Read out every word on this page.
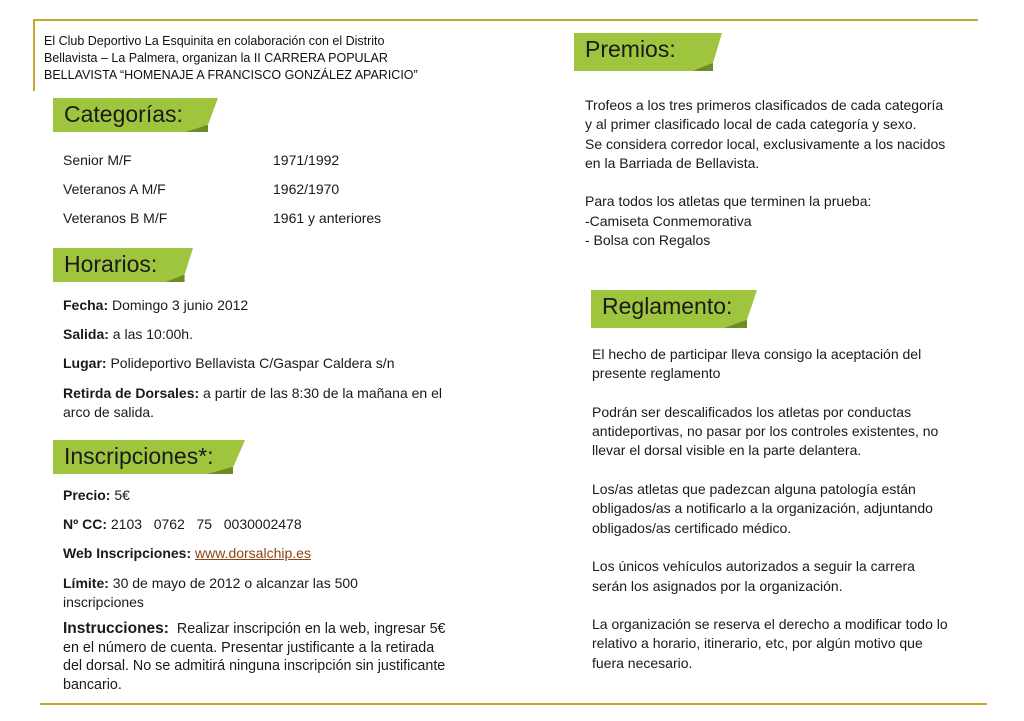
El Club Deportivo La Esquinita en colaboración con el Distrito
Bellavista – La Palmera, organizan la II CARRERA POPULAR
BELLAVISTA “HOMENAJE A FRANCISCO GONZÁLEZ APARICIO”
Categorías:
Senior M/F	1971/1992
Veteranos A M/F	1962/1970
Veteranos B M/F	1961 y anteriores
Horarios:
Fecha: Domingo 3 junio 2012
Salida: a las 10:00h.
Lugar: Polideportivo Bellavista C/Gaspar Caldera s/n
Retirda de Dorsales: a partir de las 8:30 de la mañana en el
arco de salida.
Inscripciones*:
Precio: 5€
Nº CC: 2103   0762   75   0030002478
Web Inscripciones: www.dorsalchip.es
Límite: 30 de mayo de 2012 o alcanzar las 500
inscripciones
Instrucciones:  Realizar inscripción en la web, ingresar 5€
en el número de cuenta. Presentar justificante a la retirada
del dorsal. No se admitirá ninguna inscripción sin justificante
bancario.
Premios:
Trofeos a los tres primeros clasificados de cada categoría
y al primer clasificado local de cada categoría y sexo.
Se considera corredor local, exclusivamente a los nacidos
en la Barriada de Bellavista.
Para todos los atletas que terminen la prueba:
-Camiseta Conmemorativa
- Bolsa con Regalos
Reglamento:
El hecho de participar lleva consigo la aceptación del
presente reglamento
Podrán ser descalificados los atletas por conductas
antideportivas, no pasar por los controles existentes, no
llevar el dorsal visible en la parte delantera.
Los/as atletas que padezcan alguna patología están
obligados/as a notificarlo a la organización, adjuntando
obligados/as certificado médico.
Los únicos vehículos autorizados a seguir la carrera
serán los asignados por la organización.
La organización se reserva el derecho a modificar todo lo
relativo a horario, itinerario, etc, por algún motivo que
fuera necesario.
